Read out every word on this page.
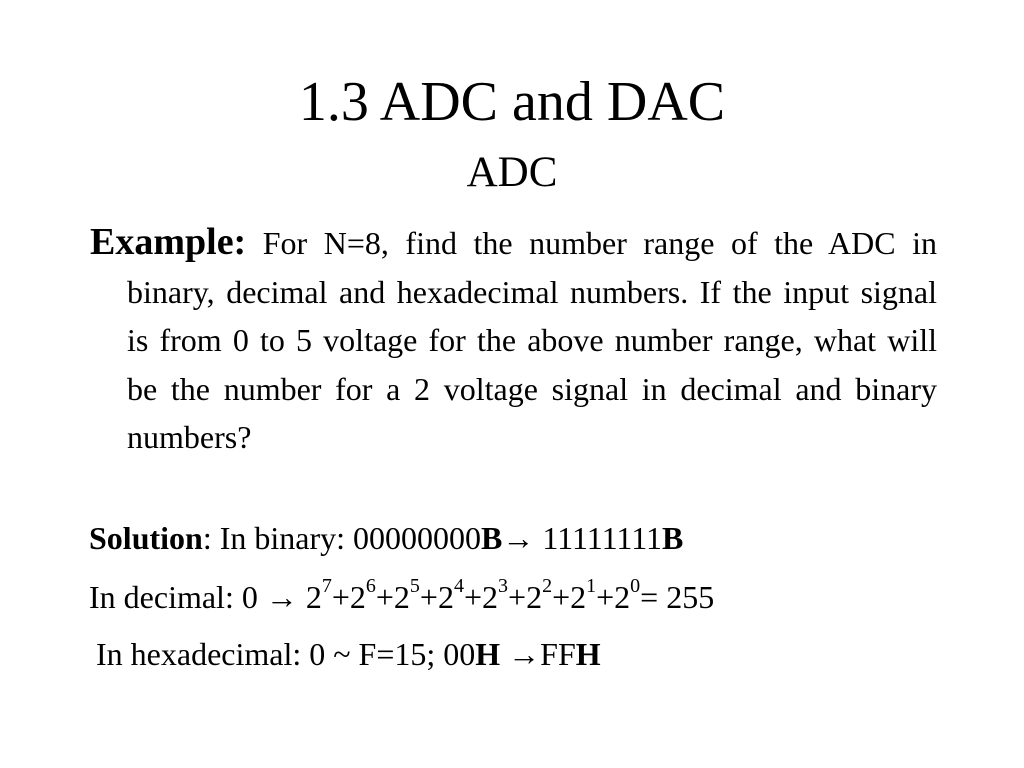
1.3 ADC and DAC
ADC
Example: For N=8, find the number range of the ADC in binary, decimal and hexadecimal numbers. If the input signal is from 0 to 5 voltage for the above number range, what will be the number for a 2 voltage signal in decimal and binary numbers?
Solution: In binary: 00000000B→ 11111111B
In decimal: $0 \to 2^7+2^6+2^5+2^4+2^3+2^2+2^1+2^0= 255$
In hexadecimal: 0 ~ F=15; 00H →FFH
